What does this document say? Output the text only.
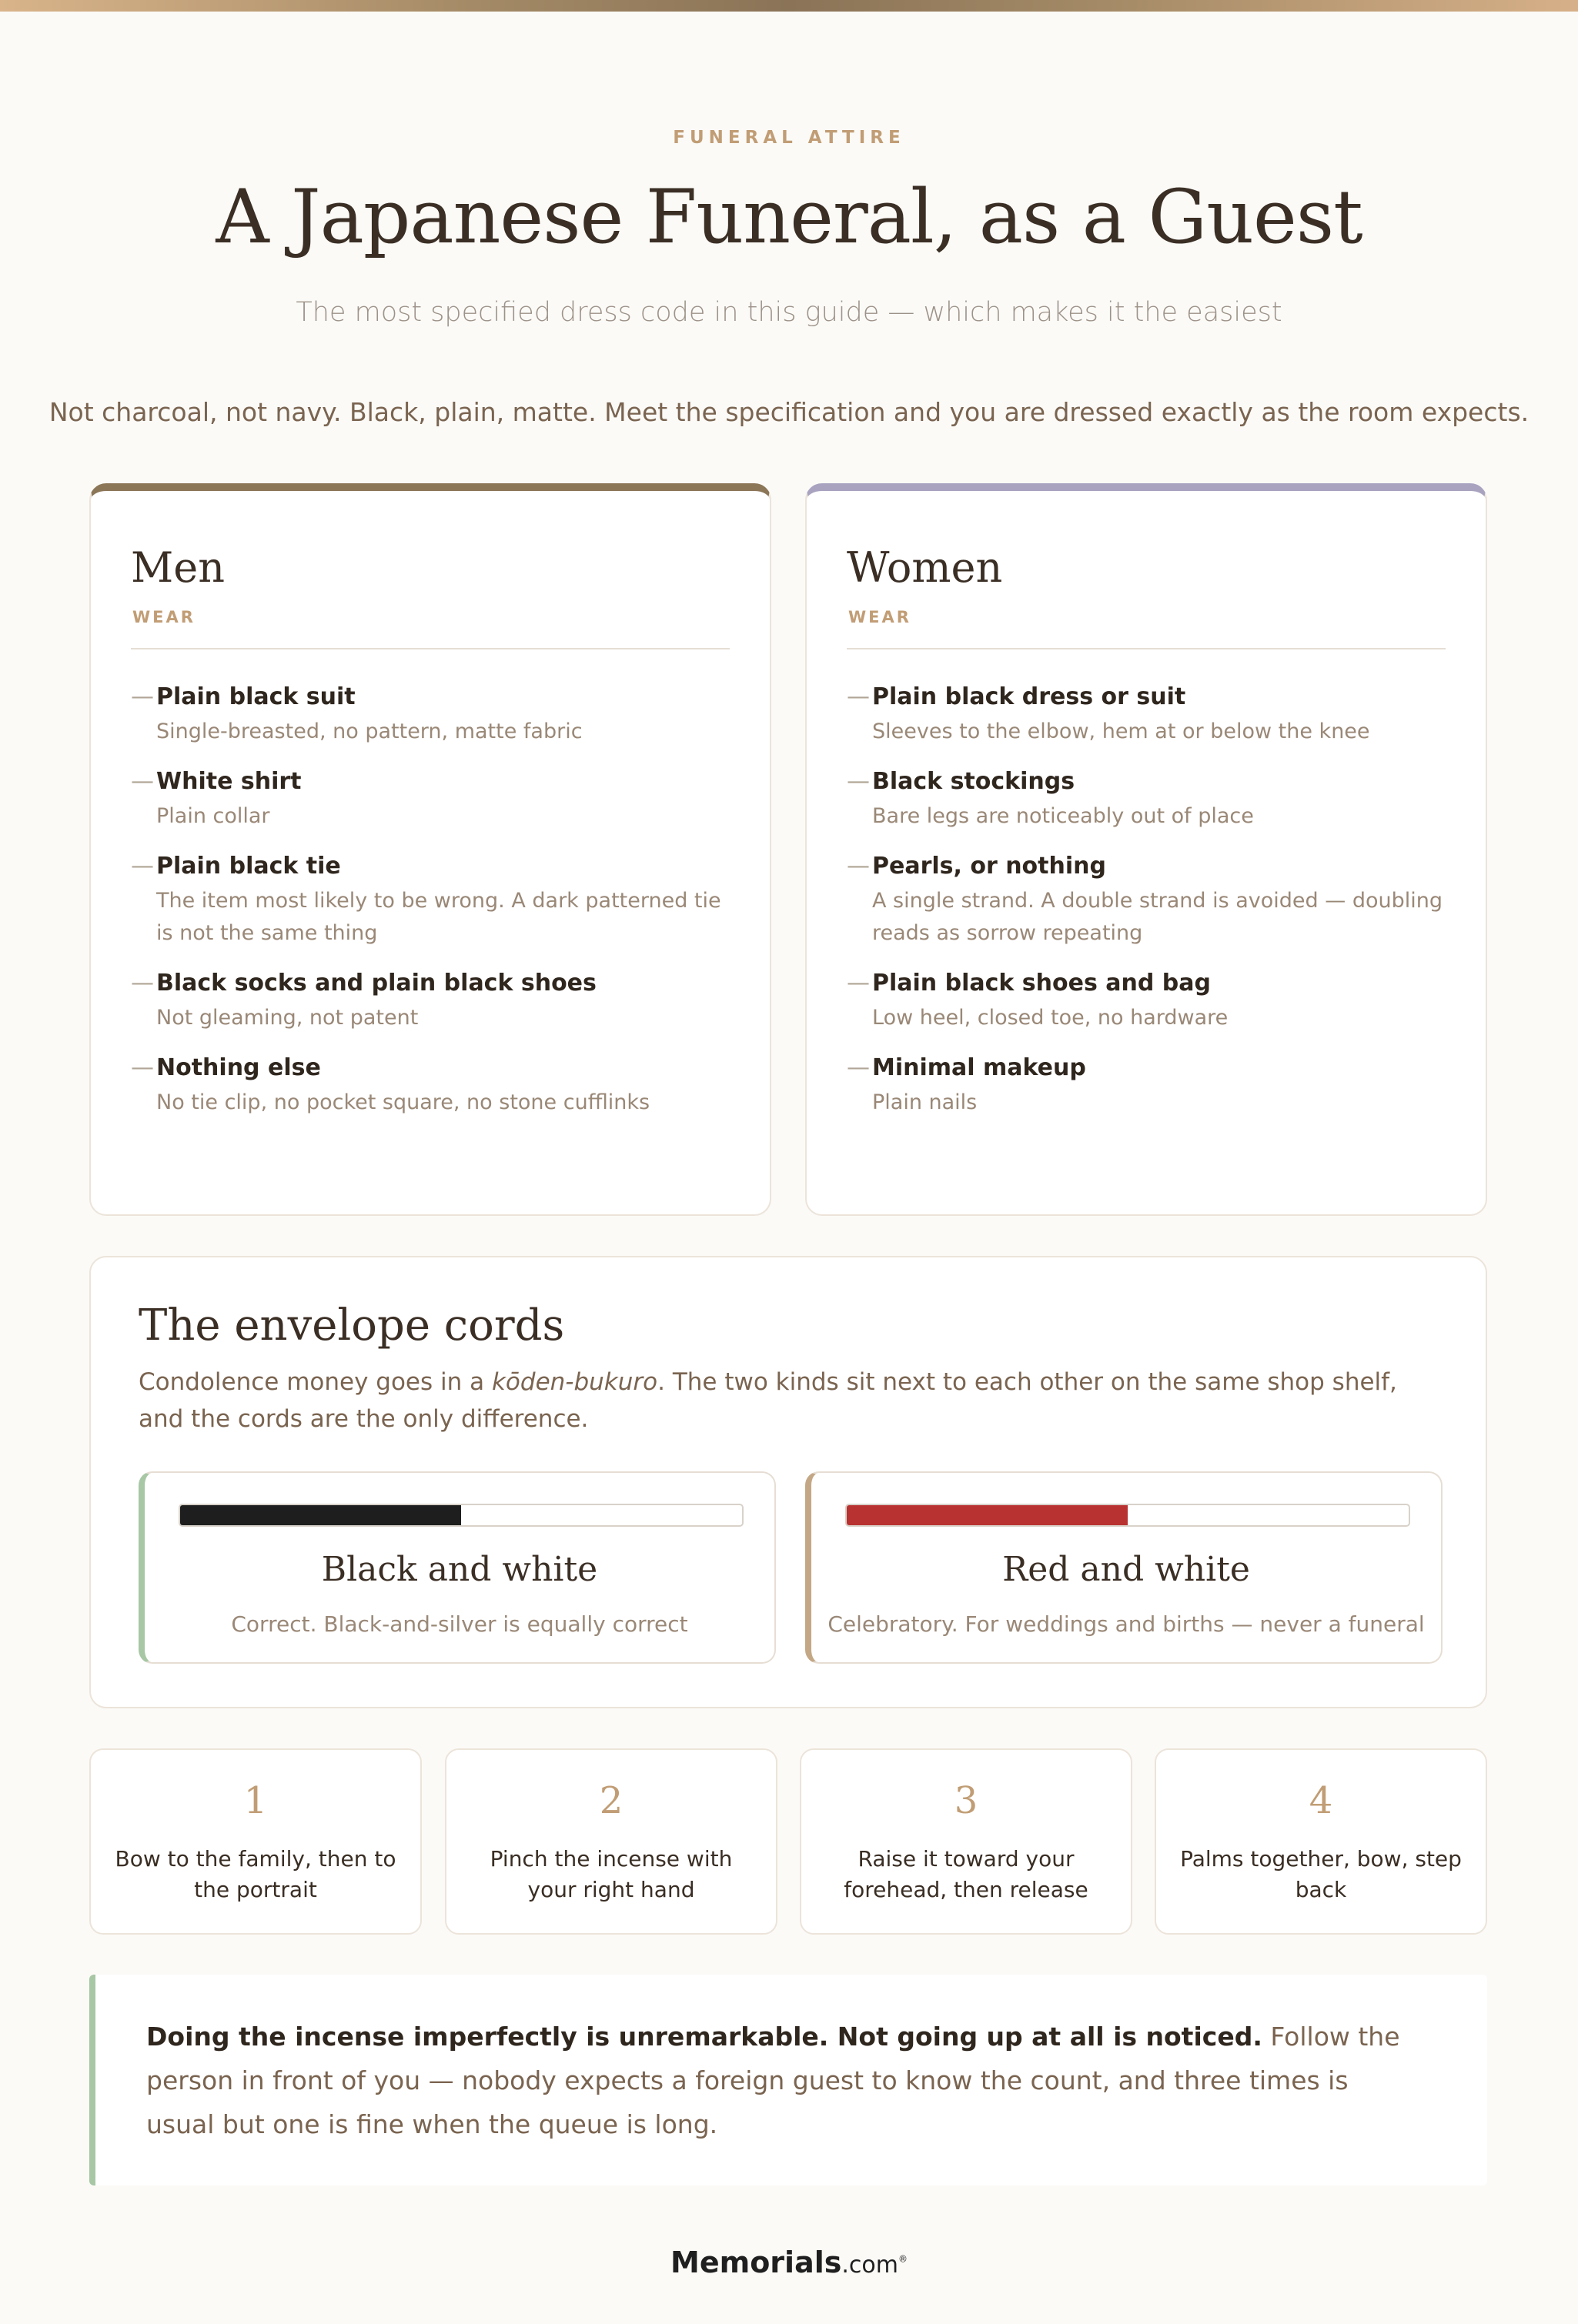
FUNERAL ATTIRE
A Japanese Funeral, as a Guest
The most specified dress code in this guide — which makes it the easiest
Not charcoal, not navy. Black, plain, matte. Meet the specification and you are dressed exactly as the room expects.
Men
WEAR
— Plain black suit
Single-breasted, no pattern, matte fabric
— White shirt
Plain collar
— Plain black tie
The item most likely to be wrong. A dark patterned tie is not the same thing
— Black socks and plain black shoes
Not gleaming, not patent
— Nothing else
No tie clip, no pocket square, no stone cufflinks
Women
WEAR
— Plain black dress or suit
Sleeves to the elbow, hem at or below the knee
— Black stockings
Bare legs are noticeably out of place
— Pearls, or nothing
A single strand. A double strand is avoided — doubling reads as sorrow repeating
— Plain black shoes and bag
Low heel, closed toe, no hardware
— Minimal makeup
Plain nails
The envelope cords
Condolence money goes in a kōden-bukuro. The two kinds sit next to each other on the same shop shelf, and the cords are the only difference.
Black and white

Correct. Black-and-silver is equally correct

Red and white

Celebratory. For weddings and births — never a funeral

1
Bow to the family, then to the portrait
2
Pinch the incense with your right hand
3
Raise it toward your forehead, then release
4
Palms together, bow, step back

Doing the incense imperfectly is unremarkable. Not going up at all is noticed. Follow the person in front of you — nobody expects a foreign guest to know the count, and three times is usual but one is fine when the queue is long.

Memorials.com®
